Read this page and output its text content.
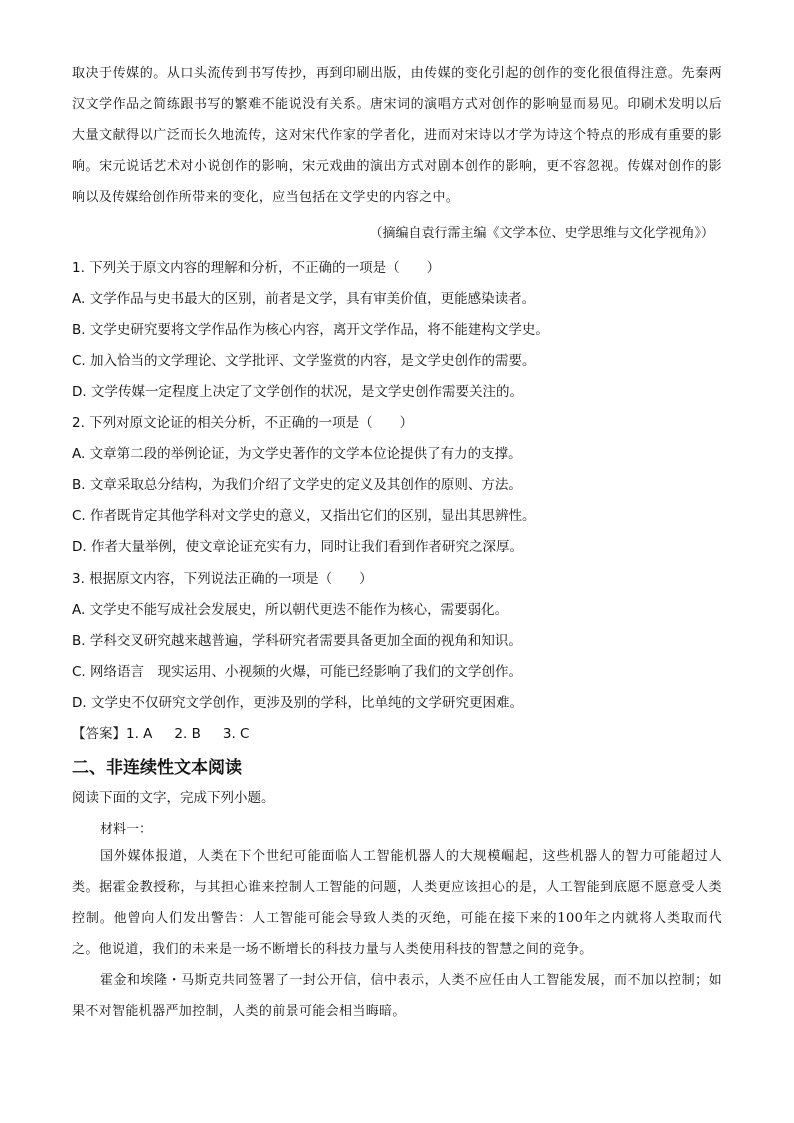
取决于传媒的。从口头流传到书写传抄，再到印刷出版，由传媒的变化引起的创作的变化很值得注意。先秦两汉文学作品之简练跟书写的繁难不能说没有关系。唐宋词的演唱方式对创作的影响显而易见。印刷术发明以后大量文献得以广泛而长久地流传，这对宋代作家的学者化，进而对宋诗以才学为诗这个特点的形成有重要的影响。宋元说话艺术对小说创作的影响，宋元戏曲的演出方式对剧本创作的影响，更不容忽视。传媒对创作的影响以及传媒给创作所带来的变化，应当包括在文学史的内容之中。

（摘编自袁行霈主编《文学本位、史学思维与文化学视角》）

1. 下列关于原文内容的理解和分析，不正确的一项是（　　）

A. 文学作品与史书最大的区别，前者是文学，具有审美价值，更能感染读者。

B. 文学史研究要将文学作品作为核心内容，离开文学作品，将不能建构文学史。

C. 加入恰当的文学理论、文学批评、文学鉴赏的内容，是文学史创作的需要。

D. 文学传媒一定程度上决定了文学创作的状况，是文学史创作需要关注的。

2. 下列对原文论证的相关分析，不正确的一项是（　　）

A. 文章第二段的举例论证，为文学史著作的文学本位论提供了有力的支撑。

B. 文章采取总分结构，为我们介绍了文学史的定义及其创作的原则、方法。

C. 作者既肯定其他学科对文学史的意义，又指出它们的区别，显出其思辨性。

D. 作者大量举例，使文章论证充实有力，同时让我们看到作者研究之深厚。

3. 根据原文内容，下列说法正确的一项是（　　）

A. 文学史不能写成社会发展史，所以朝代更迭不能作为核心，需要弱化。

B. 学科交叉研究越来越普遍，学科研究者需要具备更加全面的视角和知识。

C. 网络语言　现实运用、小视频的火爆，可能已经影响了我们的文学创作。

D. 文学史不仅研究文学创作，更涉及别的学科，比单纯的文学研究更困难。

【答案】1. A 2. B 3. C

二、非连续性文本阅读

阅读下面的文字，完成下列小题。

材料一：

国外媒体报道，人类在下个世纪可能面临人工智能机器人的大规模崛起，这些机器人的智力可能超过人类。据霍金教授称，与其担心谁来控制人工智能的问题，人类更应该担心的是，人工智能到底愿不愿意受人类控制。他曾向人们发出警告：人工智能可能会导致人类的灭绝，可能在接下来的100年之内就将人类取而代之。他说道，我们的未来是一场不断增长的科技力量与人类使用科技的智慧之间的竞争。

霍金和埃隆・马斯克共同签署了一封公开信，信中表示，人类不应任由人工智能发展，而不加以控制；如果不对智能机器严加控制，人类的前景可能会相当晦暗。
